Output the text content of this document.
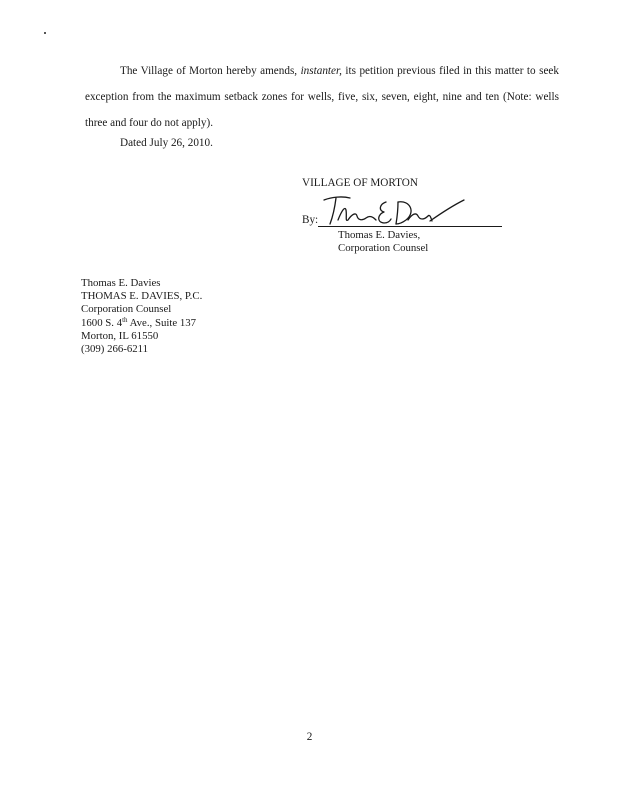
The Village of Morton hereby amends, instanter, its petition previous filed in this matter to seek exception from the maximum setback zones for wells, five, six, seven, eight, nine and ten (Note: wells three and four do not apply).
Dated July 26, 2010.
VILLAGE OF MORTON
By:
Thomas E. Davies,
Corporation Counsel
Thomas E. Davies
THOMAS E. DAVIES, P.C.
Corporation Counsel
1600 S. 4th Ave., Suite 137
Morton, IL 61550
(309) 266-6211
2
